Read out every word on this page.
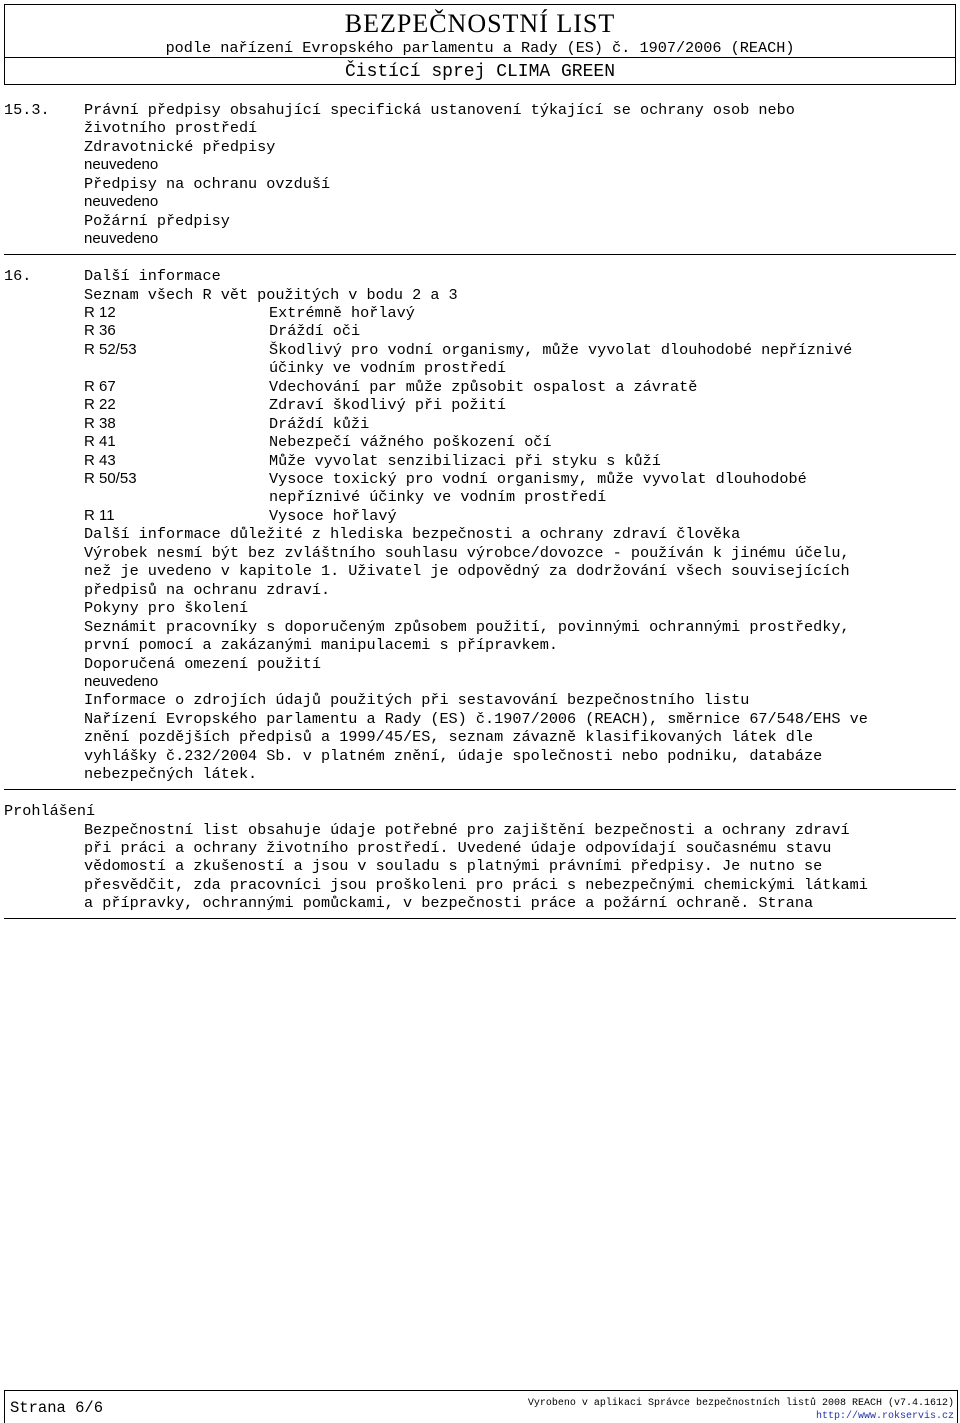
BEZPEČNOSTNÍ LIST
podle nařízení Evropského parlamentu a Rady (ES) č. 1907/2006 (REACH)
Čistící sprej CLIMA GREEN
15.3. Právní předpisy obsahující specifická ustanovení týkající se ochrany osob nebo
životního prostředí
Zdravotnické předpisy
neuvedeno
Předpisy na ochranu ovzduší
neuvedeno
Požární předpisy
neuvedeno
16.	Další informace
Seznam všech R vět použitých v bodu 2 a 3
R 12	Extrémně hořlavý
R 36	Dráždí oči
R 52/53	Škodlivý pro vodní organismy, může vyvolat dlouhodobé nepříznivé
účinky ve vodním prostředí
R 67	Vdechování par může způsobit ospalost a závratě
R 22	Zdraví škodlivý při požití
R 38	Dráždí kůži
R 41	Nebezpečí vážného poškození očí
R 43	Může vyvolat senzibilizaci při styku s kůží
R 50/53	Vysoce toxický pro vodní organismy, může vyvolat dlouhodobé
nepříznivé účinky ve vodním prostředí
R 11	Vysoce hořlavý
Další informace důležité z hlediska bezpečnosti a ochrany zdraví člověka
Výrobek nesmí být bez zvláštního souhlasu výrobce/dovozce - používán k jinému účelu,
než je uvedeno v kapitole 1. Uživatel je odpovědný za dodržování všech souvisejících
předpisů na ochranu zdraví.
Pokyny pro školení
Seznámit pracovníky s doporučeným způsobem použití, povinnými ochrannými prostředky,
první pomocí a zakázanými manipulacemi s přípravkem.
Doporučená omezení použití
neuvedeno
Informace o zdrojích údajů použitých při sestavování bezpečnostního listu
Nařízení Evropského parlamentu a Rady (ES) č.1907/2006 (REACH), směrnice 67/548/EHS ve
znění pozdějších předpisů a 1999/45/ES, seznam závazně klasifikovaných látek dle
vyhlášky č.232/2004 Sb. v platném znění, údaje společnosti nebo podniku, databáze
nebezpečných látek.
Prohlášení
Bezpečnostní list obsahuje údaje potřebné pro zajištění bezpečnosti a ochrany zdraví
při práci a ochrany životního prostředí. Uvedené údaje odpovídají současnému stavu
vědomostí a zkušeností a jsou v souladu s platnými právními předpisy. Je nutno se
přesvědčit, zda pracovníci jsou proškoleni pro práci s nebezpečnými chemickými látkami
a přípravky, ochrannými pomůckami, v bezpečnosti práce a požární ochraně. Strana
Strana 6/6	Vyrobeno v aplikaci Správce bezpečnostních listů 2008 REACH (v7.4.1612)
http://www.rokservis.cz
